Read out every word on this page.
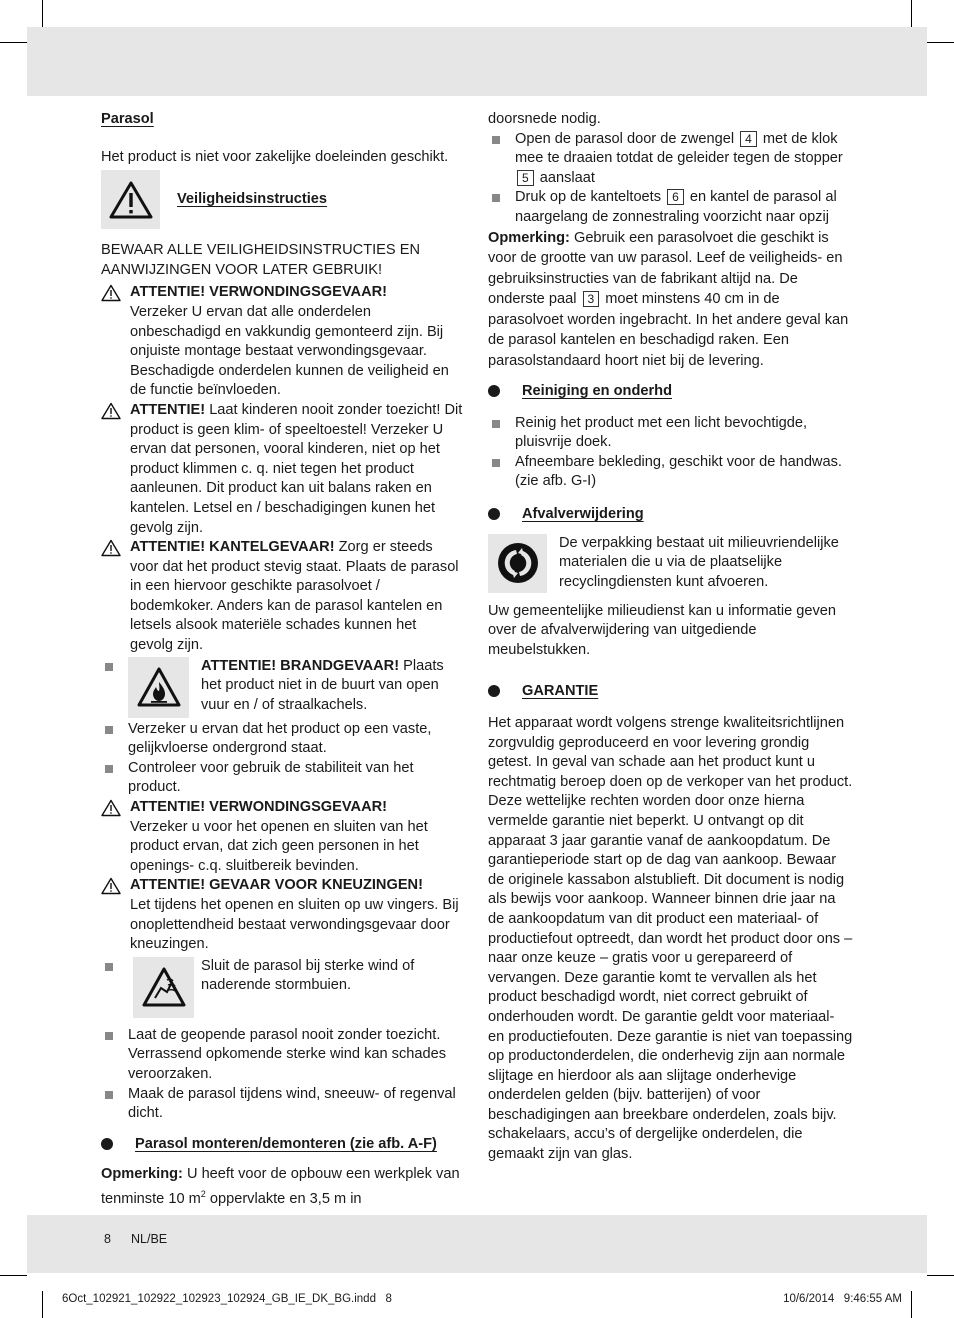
Parasol

Het product is niet voor zakelijke doeleinden geschikt.

Veiligheidsinstructies

BEWAAR ALLE VEILIGHEIDSINSTRUCTIES EN AANWIJZINGEN VOOR LATER GEBRUIK!

ATTENTIE! VERWONDINGSGEVAAR!
Verzeker U ervan dat alle onderdelen onbeschadigd en vakkundig gemonteerd zijn. Bij onjuiste montage bestaat verwondingsgevaar. Beschadigde onderdelen kunnen de veiligheid en de functie beïnvloeden.
ATTENTIE! Laat kinderen nooit zonder toezicht! Dit product is geen klim- of speeltoestel! Verzeker U ervan dat personen, vooral kinderen, niet op het product klimmen c. q. niet tegen het product aanleunen. Dit product kan uit balans raken en kantelen. Letsel en / beschadigingen kunen het gevolg zijn.
ATTENTIE! KANTELGEVAAR! Zorg er steeds voor dat het product stevig staat. Plaats de parasol in een hiervoor geschikte parasolvoet / bodemkoker. Anders kan de parasol kantelen en letsels alsook materiële schades kunnen het gevolg zijn.
ATTENTIE! BRANDGEVAAR! Plaats het product niet in de buurt van open vuur en / of straalkachels.
Verzeker u ervan dat het product op een vaste, gelijkvloerse ondergrond staat.
Controleer voor gebruik de stabiliteit van het product.
ATTENTIE! VERWONDINGSGEVAAR!
Verzeker u voor het openen en sluiten van het product ervan, dat zich geen personen in het openings- c.q. sluitbereik bevinden.
ATTENTIE! GEVAAR VOOR KNEUZINGEN!
Let tijdens het openen en sluiten op uw vingers. Bij onoplettendheid bestaat verwondingsgevaar door kneuzingen.
Sluit de parasol bij sterke wind of naderende stormbuien.
Laat de geopende parasol nooit zonder toezicht. Verrassend opkomende sterke wind kan schades veroorzaken.
Maak de parasol tijdens wind, sneeuw- of regenval dicht.
Parasol monteren/demonteren (zie afb. A-F)

Opmerking: U heeft voor de opbouw een werkplek van tenminste 10 $m^2$ oppervlakte en 3,5 m in

doorsnede nodig.

Open de parasol door de zwengel 4 met de klok mee te draaien totdat de geleider tegen de stopper 5 aanslaat
Druk op de kanteltoets 6 en kantel de parasol al naargelang de zonnestraling voorzicht naar opzij

Opmerking: Gebruik een parasolvoet die geschikt is voor de grootte van uw parasol. Leef de veiligheids- en gebruiksinstructies van de fabrikant altijd na. De onderste paal 3 moet minstens 40 cm in de parasolvoet worden ingebracht. In het andere geval kan de parasol kantelen en beschadigd raken. Een parasolstandaard hoort niet bij de levering.

Reiniging en onderhd
Reinig het product met een licht bevochtigde, pluisvrije doek.
Afneembare bekleding, geschikt voor de handwas. (zie afb. G-I)
Afvalverwijdering
De verpakking bestaat uit milieuvriendelijke materialen die u via de plaatselijke recyclingdiensten kunt afvoeren.

Uw gemeentelijke milieudienst kan u informatie geven over de afvalverwijdering van uitgediende meubelstukken.

GARANTIE

Het apparaat wordt volgens strenge kwaliteitsrichtlijnen zorgvuldig geproduceerd en voor levering grondig getest. In geval van schade aan het product kunt u rechtmatig beroep doen op de verkoper van het product. Deze wettelijke rechten worden door onze hierna vermelde garantie niet beperkt. U ontvangt op dit apparaat 3 jaar garantie vanaf de aankoopdatum. De garantieperiode start op de dag van aankoop. Bewaar de originele kassabon alstublieft. Dit document is nodig als bewijs voor aankoop. Wanneer binnen drie jaar na de aankoopdatum van dit product een materiaal- of productiefout optreedt, dan wordt het product door ons – naar onze keuze – gratis voor u gerepareerd of vervangen. Deze garantie komt te vervallen als het product beschadigd wordt, niet correct gebruikt of onderhouden wordt. De garantie geldt voor materiaal- en productiefouten. Deze garantie is niet van toepassing op productonderdelen, die onderhevig zijn aan normale slijtage en hierdoor als aan slijtage onderhevige onderdelen gelden (bijv. batterijen) of voor beschadigingen aan breekbare onderdelen, zoals bijv. schakelaars, accu’s of dergelijke onderdelen, die gemaakt zijn van glas.

8 NL/BE
6Oct_102921_102922_102923_102924_GB_IE_DK_BG.indd   8	10/6/2014   9:46:55 AM
